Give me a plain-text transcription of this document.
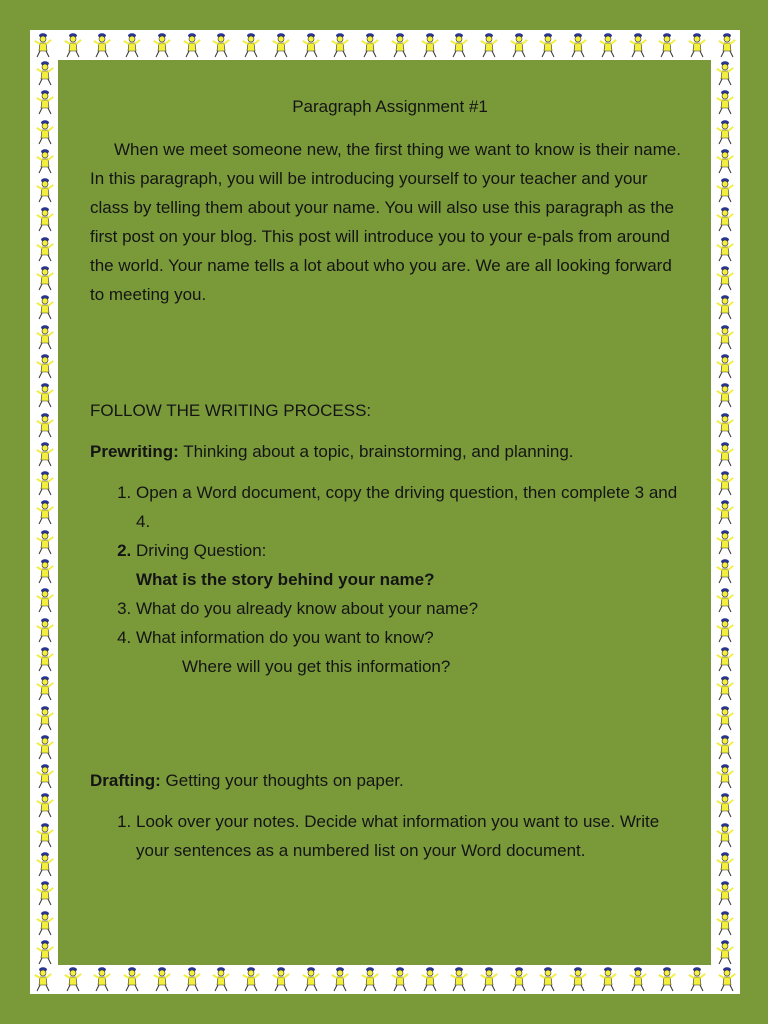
Paragraph Assignment #1

When we meet someone new, the first thing we want to know is their name. In this paragraph, you will be introducing yourself to your teacher and your class by telling them about your name. You will also use this paragraph as the first post on your blog. This post will introduce you to your e-pals from around the world. Your name tells a lot about who you are. We are all looking forward to meeting you.

FOLLOW THE WRITING PROCESS:

Prewriting: Thinking about a topic, brainstorming, and planning.

1. Open a Word document, copy the driving question, then complete 3 and 4.
2. Driving Question:
What is the story behind your name?
3. What do you already know about your name?
4. What information do you want to know?
Where will you get this information?

Drafting: Getting your thoughts on paper.

1. Look over your notes. Decide what information you want to use. Write your sentences as a numbered list on your Word document.
